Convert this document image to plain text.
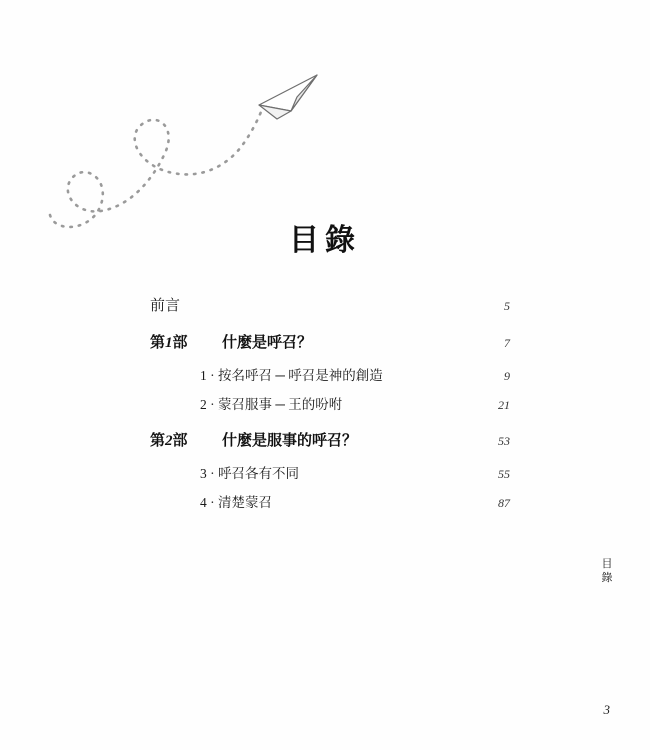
目錄
前言	5
第1部 什麼是呼召？	7
1 · 按名呼召 ─ 呼召是神的創造	9
2 · 蒙召服事 ─ 王的吩咐	21
第2部 什麼是服事的呼召？	53
3 · 呼召各有不同	55
4 · 清楚蒙召	87
目
錄
3
